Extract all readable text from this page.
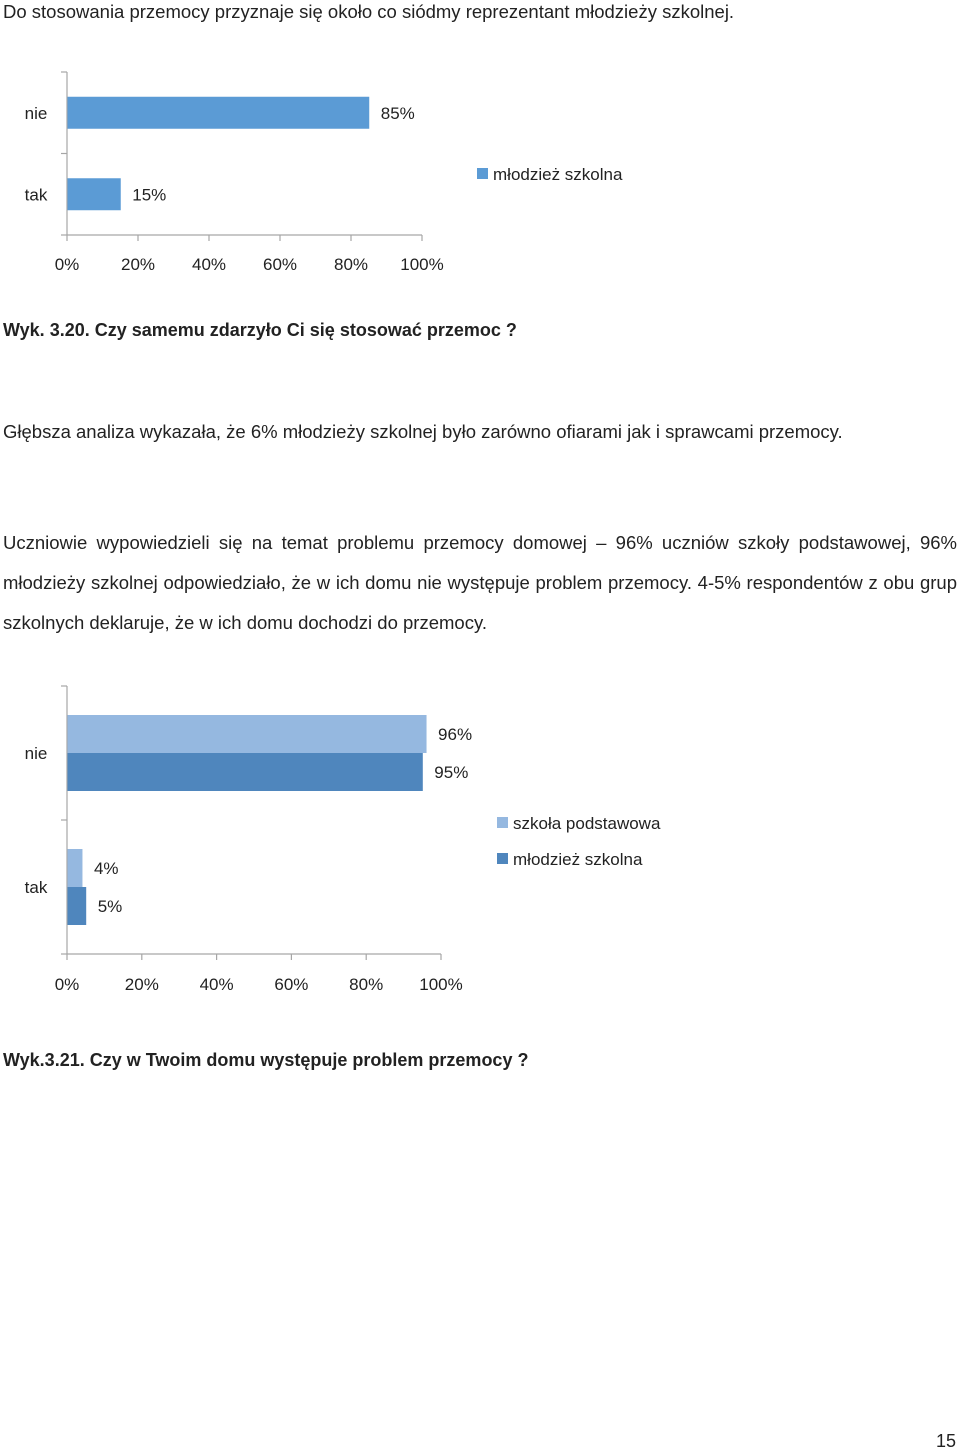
Do stosowania przemocy przyznaje się około co siódmy reprezentant młodzieży szkolnej.

0% 20% 40% 60% 80% 100%
nie	85%
tak	15%
młodzież szkolna
Wyk. 3.20. Czy samemu zdarzyło Ci się stosować przemoc ?

Głębsza analiza wykazała, że 6% młodzieży szkolnej było zarówno ofiarami jak i sprawcami przemocy.

Uczniowie wypowiedzieli się na temat problemu przemocy domowej – 96% uczniów szkoły podstawowej, 96% młodzieży szkolnej odpowiedziało, że w ich domu nie występuje problem przemocy. 4-5% respondentów z obu grup szkolnych deklaruje, że w ich domu dochodzi do przemocy.

0%	20% 40% 60% 80% 100%
nie
96%
95%
tak
4%
5%
szkoła podstawowa
młodzież szkolna
Wyk.3.21. Czy w Twoim domu występuje problem przemocy ?
15
